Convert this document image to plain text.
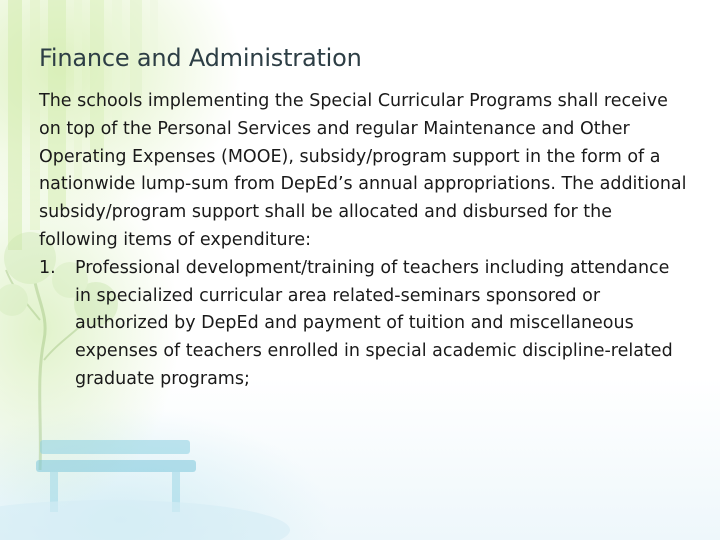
Finance and Administration

The schools implementing the Special Curricular Programs shall receive on top of the Personal Services and regular Maintenance and Other Operating Expenses (MOOE), subsidy/program support in the form of a nationwide lump-sum from DepEd’s annual appropriations. The additional subsidy/program support shall be allocated and disbursed for the following items of expenditure:

1. Professional development/training of teachers including attendance in specialized curricular area related-seminars sponsored or authorized by DepEd and payment of tuition and miscellaneous expenses of teachers enrolled in special academic discipline-related graduate programs;
